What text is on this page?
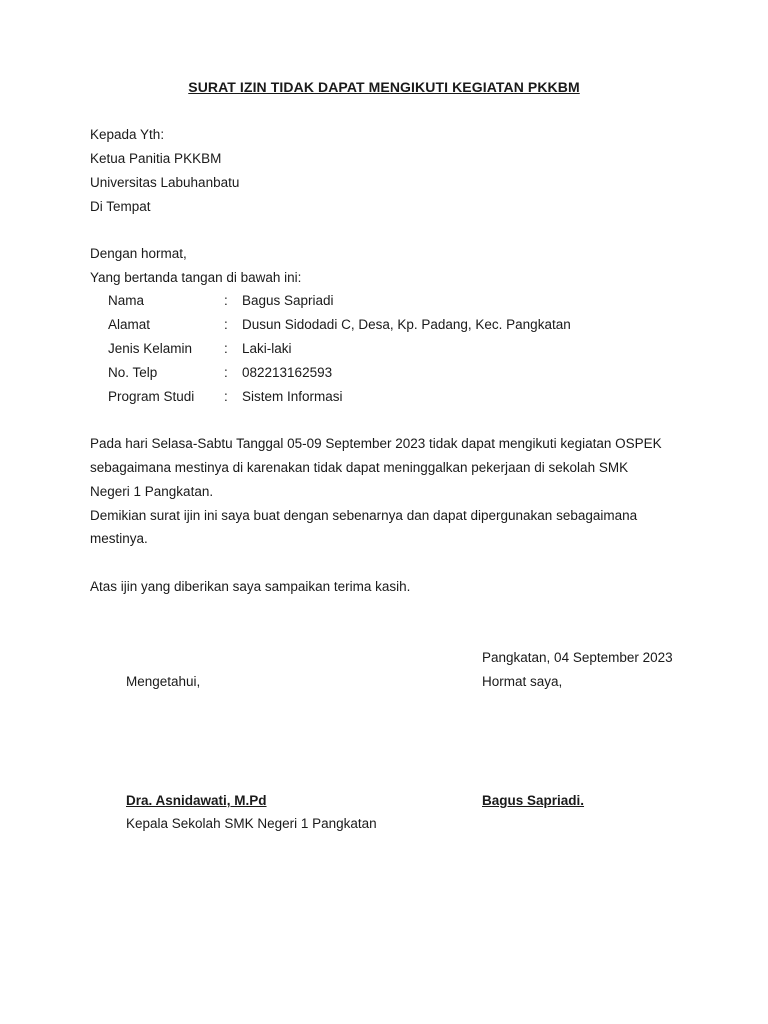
SURAT IZIN TIDAK DAPAT MENGIKUTI KEGIATAN PKKBM
Kepada Yth:
Ketua Panitia PKKBM
Universitas Labuhanbatu
Di Tempat
Dengan hormat,
Yang bertanda tangan di bawah ini:
Nama	: Bagus Sapriadi
Alamat	: Dusun Sidodadi C, Desa, Kp. Padang, Kec. Pangkatan
Jenis Kelamin : Laki-laki
No. Telp	: 082213162593
Program Studi : Sistem Informasi
Pada hari Selasa-Sabtu Tanggal 05-09 September 2023 tidak dapat mengikuti kegiatan OSPEK
sebagaimana mestinya di karenakan tidak dapat meninggalkan pekerjaan di sekolah SMK
Negeri 1 Pangkatan.
Demikian surat ijin ini saya buat dengan sebenarnya dan dapat dipergunakan sebagaimana
mestinya.
Atas ijin yang diberikan saya sampaikan terima kasih.
Pangkatan, 04 September 2023
Mengetahui,	Hormat saya,
Dra. Asnidawati, M.Pd	Bagus Sapriadi.
Kepala Sekolah SMK Negeri 1 Pangkatan
